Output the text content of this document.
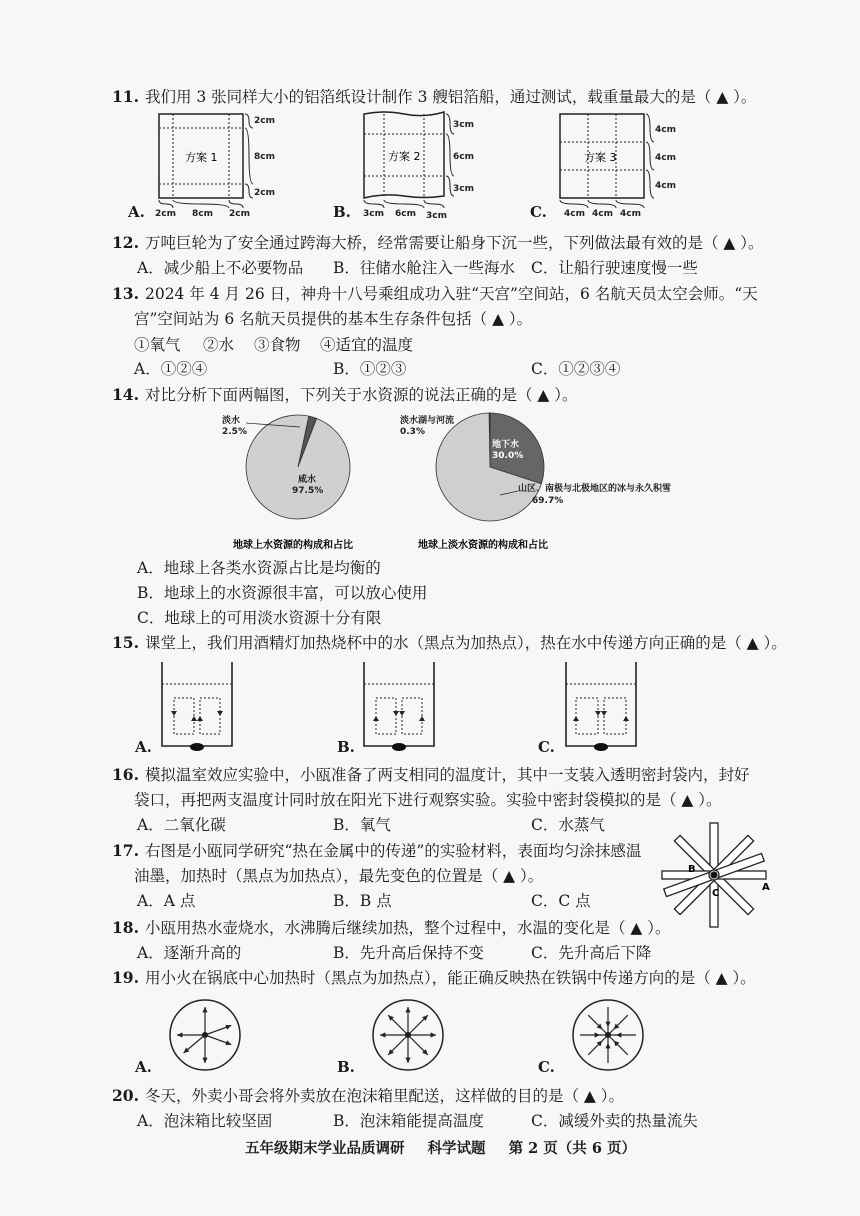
11. 我们用 3 张同样大小的铝箔纸设计制作 3 艘铝箔船，通过测试，载重量最大的是（ ▲ ）。
方案 1
2cm
8cm
2cm
2cm 8cm 2cm
A.
方案 2
3cm
6cm
3cm
3cm 6cm 3cm
B.
方案 3
4cm
4cm
4cm
4cm 4cm 4cm
C.
12. 万吨巨轮为了安全通过跨海大桥，经常需要让船身下沉一些，下列做法最有效的是（ ▲ ）。
A．减少船上不必要物品 B．往储水舱注入一些海水 C．让船行驶速度慢一些
13. 2024 年 4 月 26 日，神舟十八号乘组成功入驻“天宫”空间站，6 名航天员太空会师。“天
宫”空间站为 6 名航天员提供的基本生存条件包括（ ▲ ）。
①氧气 ②水 ③食物 ④适宜的温度
A．①②④	B．①②③	C．①②③④
14. 对比分析下面两幅图，下列关于水资源的说法正确的是（ ▲ ）。
淡水
2.5%
咸水
97.5%
地球上水资源的构成和占比
淡水湖与河流
0.3%
地下水
30.0%
山区、南极与北极地区的冰与永久积雪
69.7%
地球上淡水资源的构成和占比
A．地球上各类水资源占比是均衡的
B．地球上的水资源很丰富，可以放心使用
C．地球上的可用淡水资源十分有限
15. 课堂上，我们用酒精灯加热烧杯中的水（黑点为加热点），热在水中传递方向正确的是（ ▲ ）。
A.	B.	C.
16. 模拟温室效应实验中，小瓯准备了两支相同的温度计，其中一支装入透明密封袋内，封好
袋口，再把两支温度计同时放在阳光下进行观察实验。实验中密封袋模拟的是（ ▲ ）。
A．二氧化碳	B．氧气	C．水蒸气
17. 右图是小瓯同学研究“热在金属中的传递”的实验材料，表面均匀涂抹感温
油墨，加热时（黑点为加热点），最先变色的位置是（ ▲ ）。
A．A 点	B．B 点	C．C 点
B
C
A
18. 小瓯用热水壶烧水，水沸腾后继续加热，整个过程中，水温的变化是（ ▲ ）。
A．逐渐升高的	B．先升高后保持不变	C．先升高后下降
19. 用小火在锅底中心加热时（黑点为加热点），能正确反映热在铁锅中传递方向的是（ ▲ ）。
A.	B.	C.
20. 冬天，外卖小哥会将外卖放在泡沫箱里配送，这样做的目的是（ ▲ ）。
A．泡沫箱比较坚固	B．泡沫箱能提高温度	C．减缓外卖的热量流失
五年级期末学业品质调研 科学试题 第 2 页（共 6 页）
